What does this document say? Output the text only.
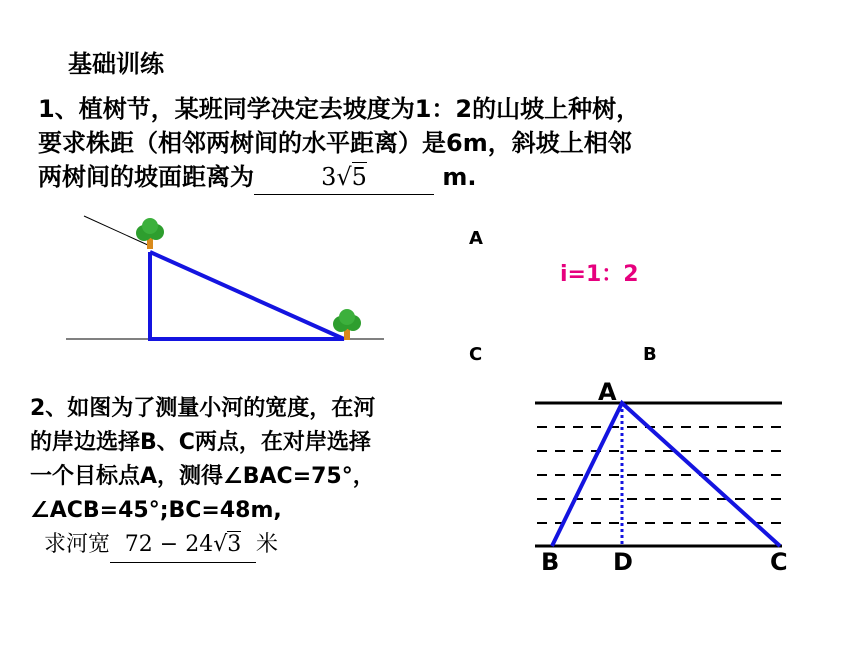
基础训练
1、植树节，某班同学决定去坡度为1：2的山坡上种树，
要求株距（相邻两树间的水平距离）是6m，斜坡上相邻
两树间的坡面距离为	3√5	m.
2、如图为了测量小河的宽度，在河
的岸边选择B、C两点，在对岸选择
一个目标点A，测得∠BAC=75°，
∠ACB=45°;BC=48m,
求河宽 72 − 24√3 米
A
C	B
i=1：2
A
B D	C
